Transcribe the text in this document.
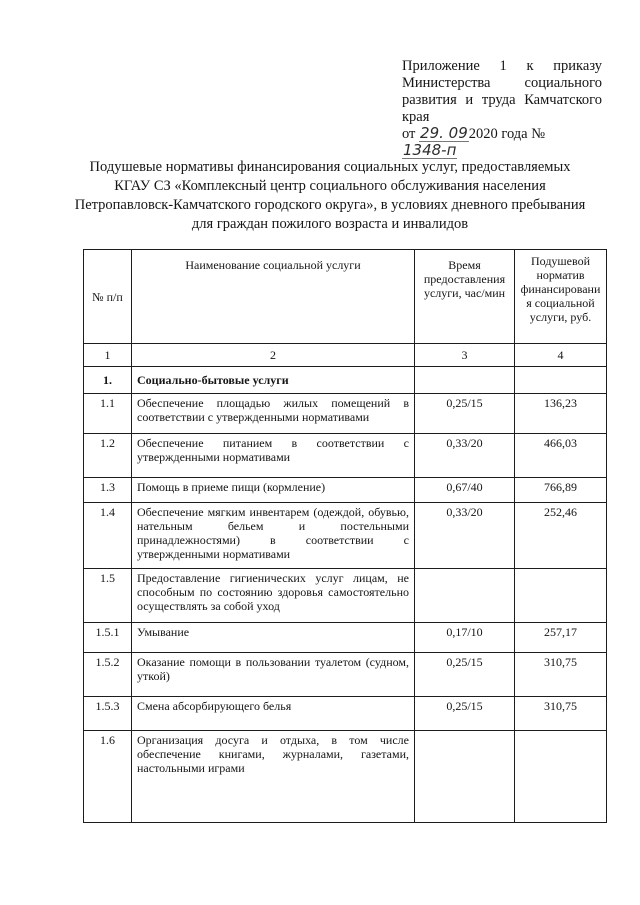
Приложение 1 к приказу
Министерства социального
развития и труда Камчатского
края
от 29. 092020 года № 1348-п
Подушевые нормативы финансирования социальных услуг, предоставляемых КГАУ СЗ «Комплексный центр социального обслуживания населения Петропавловск-Камчатского городского округа», в условиях дневного пребывания для граждан пожилого возраста и инвалидов
№ п/п	Наименование социальной услуги	Время предоставления услуги, час/мин	Подушевой норматив финансировани я социальной услуги, руб.
1	2	3	4
1.	Социально-бытовые услуги		
1.1	Обеспечение площадью жилых помещений в соответствии с утвержденными нормативами	0,25/15	136,23
1.2	Обеспечение питанием в соответствии с утвержденными нормативами	0,33/20	466,03
1.3	Помощь в приеме пищи (кормление)	0,67/40	766,89
1.4	Обеспечение мягким инвентарем (одеждой, обувью, нательным бельем и постельными принадлежностями) в соответствии с утвержденными нормативами	0,33/20	252,46
1.5	Предоставление гигиенических услуг лицам, не способным по состоянию здоровья самостоятельно осуществлять за собой уход		
1.5.1	Умывание	0,17/10	257,17
1.5.2	Оказание помощи в пользовании туалетом (судном, уткой)	0,25/15	310,75
1.5.3	Смена абсорбирующего белья	0,25/15	310,75
1.6	Организация досуга и отдыха, в том числе обеспечение книгами, журналами, газетами, настольными играми		
